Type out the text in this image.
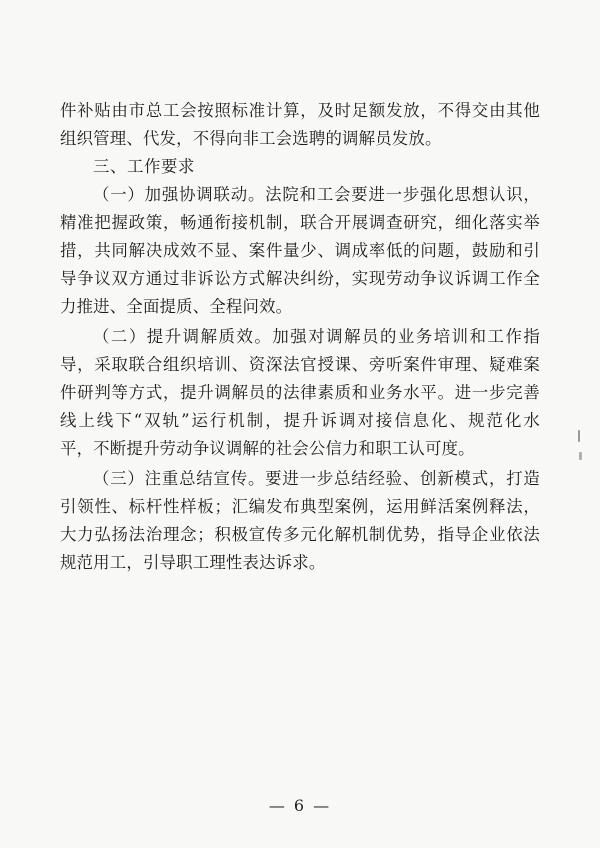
件补贴由市总工会按照标准计算，及时足额发放，不得交由其他
组织管理、代发，不得向非工会选聘的调解员发放。
三、工作要求
（一）加强协调联动。法院和工会要进一步强化思想认识，
精准把握政策，畅通衔接机制，联合开展调查研究，细化落实举
措，共同解决成效不显、案件量少、调成率低的问题，鼓励和引
导争议双方通过非诉讼方式解决纠纷，实现劳动争议诉调工作全
力推进、全面提质、全程问效。
（二）提升调解质效。加强对调解员的业务培训和工作指
导，采取联合组织培训、资深法官授课、旁听案件审理、疑难案
件研判等方式，提升调解员的法律素质和业务水平。进一步完善
线上线下“双轨”运行机制，提升诉调对接信息化、规范化水
平，不断提升劳动争议调解的社会公信力和职工认可度。
（三）注重总结宣传。要进一步总结经验、创新模式，打造
引领性、标杆性样板；汇编发布典型案例，运用鲜活案例释法，
大力弘扬法治理念；积极宣传多元化解机制优势，指导企业依法
规范用工，引导职工理性表达诉求。
— 6 —
